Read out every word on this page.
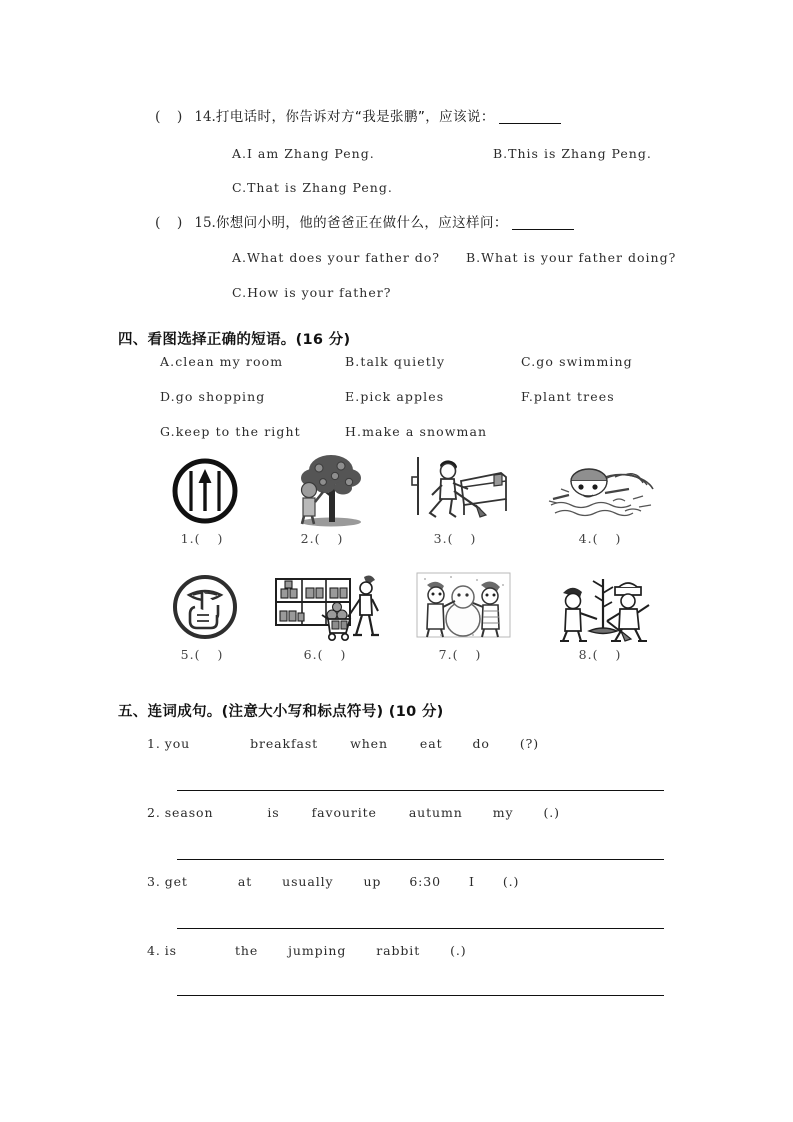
( ) 14.打电话时，你告诉对方“我是张鹏”，应该说：
A.I am Zhang Peng.	B.This is Zhang Peng.
C.That is Zhang Peng.
( ) 15.你想问小明，他的爸爸正在做什么，应这样问：
A.What does your father do? B.What is your father doing?
C.How is your father?
四、看图选择正确的短语。(16 分)
A.clean my room	B.talk quietly	C.go swimming
D.go shopping	E.pick apples	F.plant trees
G.keep to the right	H.make a snowman
1.( )	2.( )	3.( )	4.( )
5.( )	6.( )	7.( )	8.( )
五、连词成句。(注意大小写和标点符号) (10 分)
1. you	breakfast	when	eat do (?)
2. season	is	favourite	autumn my (.)
3. get	at usually up 6:30 I (.)
4. is	the jumping rabbit (.)
